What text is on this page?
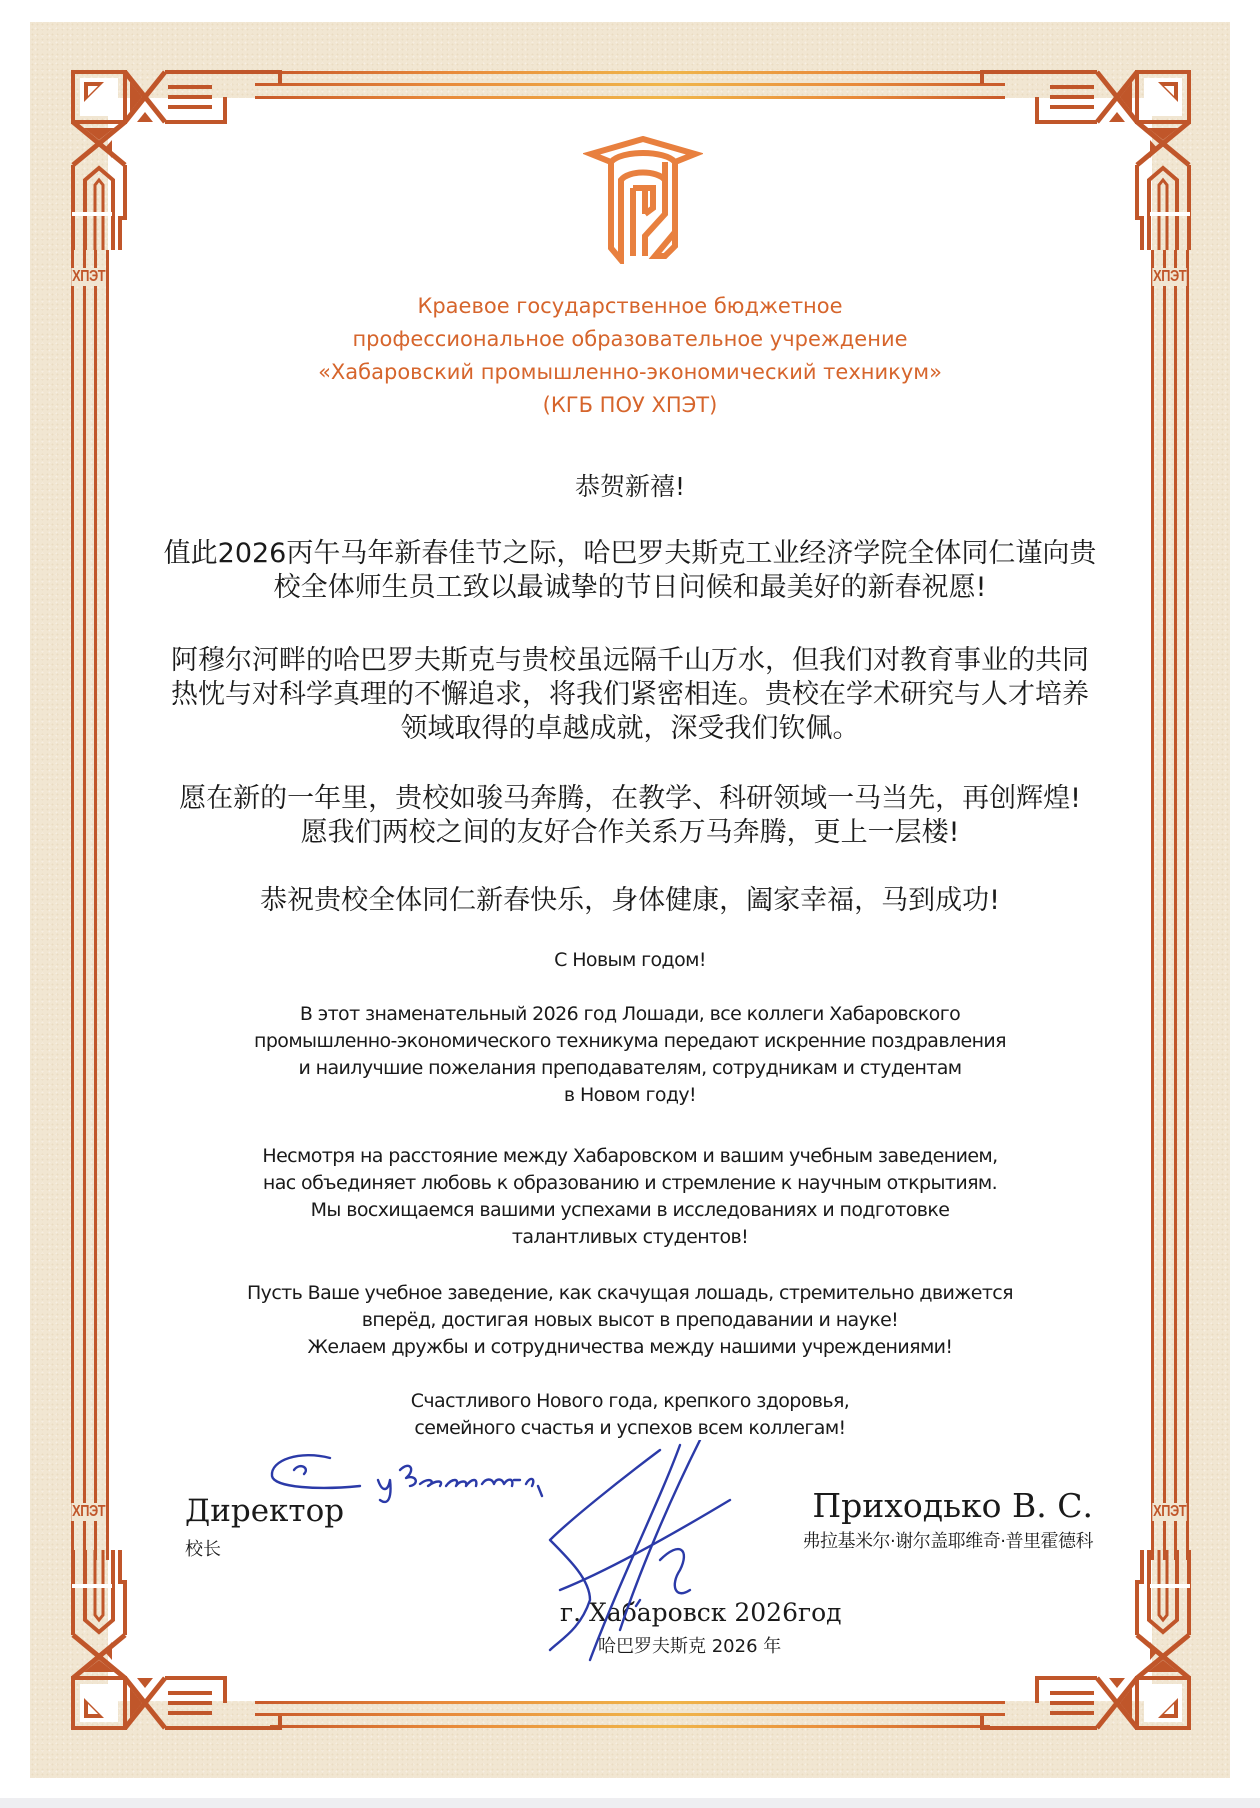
ХПЭТ	ХПЭТ
ХПЭТ	ХПЭТ
Краевое государственное бюджетное
профессиональное образовательное учреждение
«Хабаровский промышленно-экономический техникум»
(КГБ ПОУ ХПЭТ)
恭贺新禧!
值此2026丙午马年新春佳节之际，哈巴罗夫斯克工业经济学院全体同仁谨向贵
校全体师生员工致以最诚挚的节日问候和最美好的新春祝愿!
阿穆尔河畔的哈巴罗夫斯克与贵校虽远隔千山万水，但我们对教育事业的共同
热忱与对科学真理的不懈追求，将我们紧密相连。贵校在学术研究与人才培养
领域取得的卓越成就，深受我们钦佩。
愿在新的一年里，贵校如骏马奔腾，在教学、科研领域一马当先，再创辉煌!
愿我们两校之间的友好合作关系万马奔腾，更上一层楼!
恭祝贵校全体同仁新春快乐，身体健康，阖家幸福，马到成功!
С Новым годом!
В этот знаменательный 2026 год Лошади, все коллеги Хабаровского
промышленно-экономического техникума передают искренние поздравления
и наилучшие пожелания преподавателям, сотрудникам и студентам
в Новом году!
Несмотря на расстояние между Хабаровском и вашим учебным заведением,
нас объединяет любовь к образованию и стремление к научным открытиям.
Мы восхищаемся вашими успехами в исследованиях и подготовке
талантливых студентов!
Пусть Ваше учебное заведение, как скачущая лошадь, стремительно движется
вперёд, достигая новых высот в преподавании и науке!
Желаем дружбы и сотрудничества между нашими учреждениями!
Счастливого Нового года, крепкого здоровья,
семейного счастья и успехов всем коллегам!
Директор
校长
Приходько В. С.
弗拉基米尔·谢尔盖耶维奇·普里霍德科
г. Хабаровск 2026год
哈巴罗夫斯克 2026 年
